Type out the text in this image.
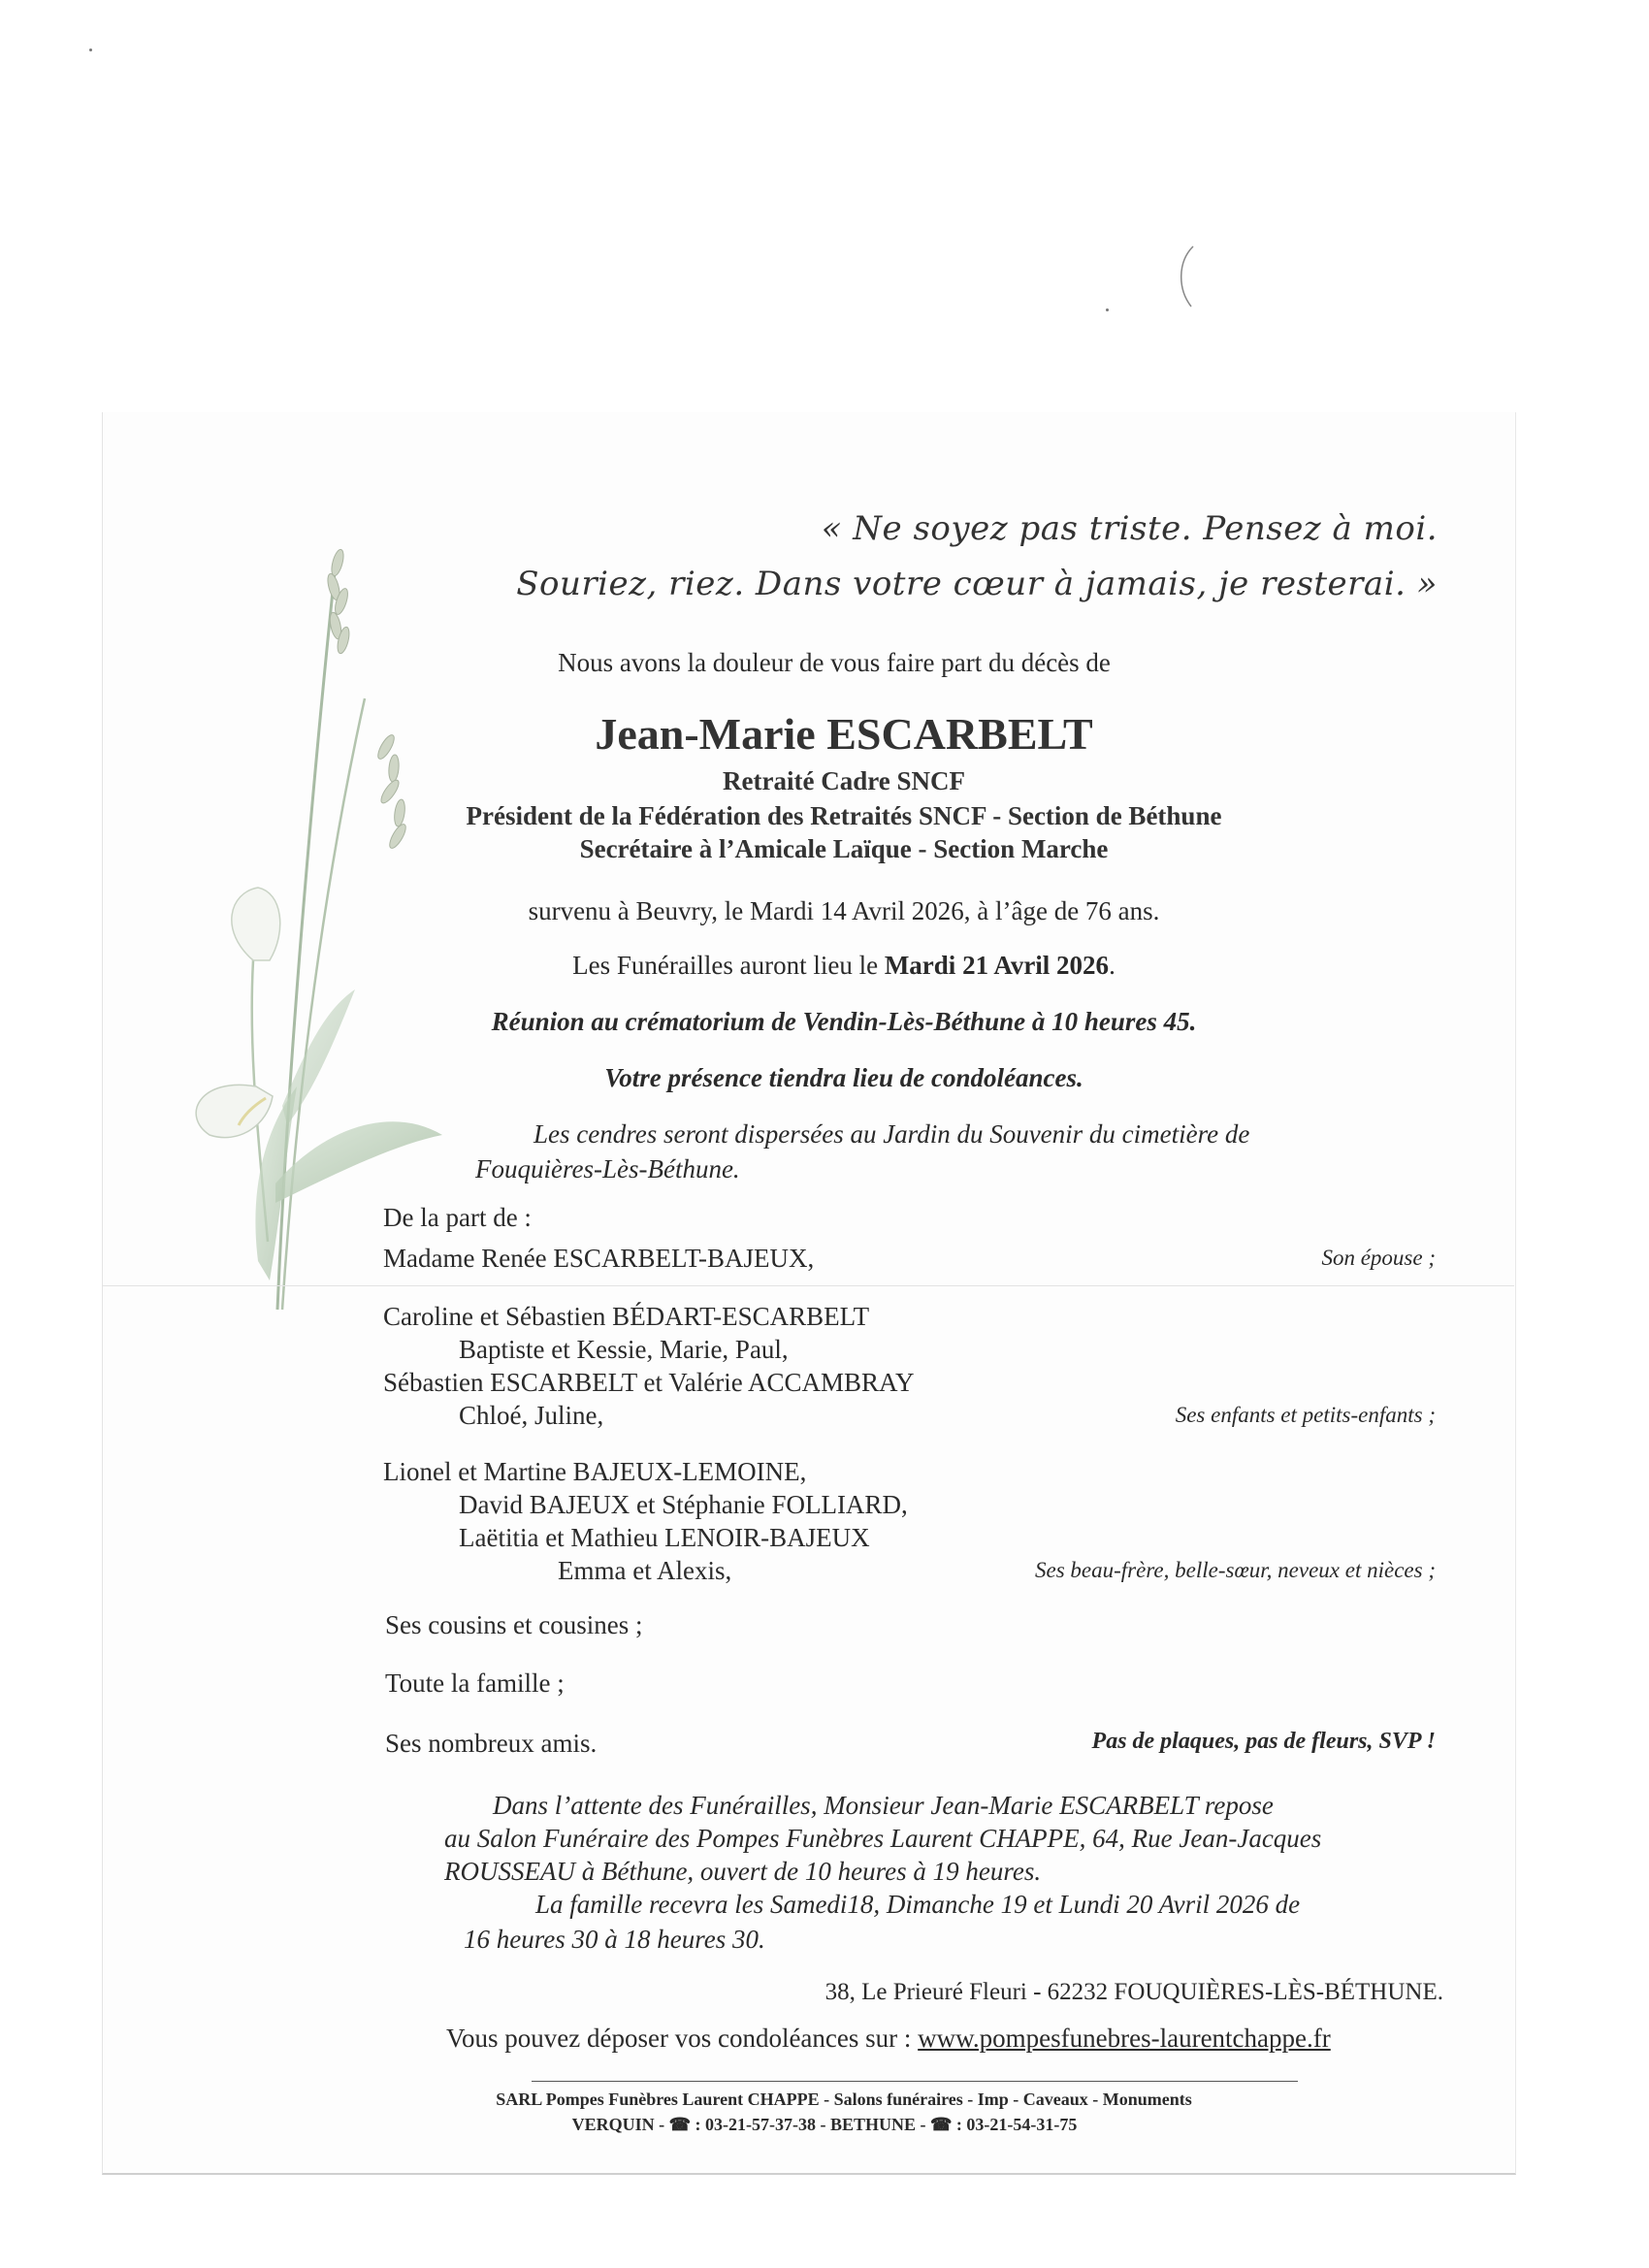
« Ne soyez pas triste. Pensez à moi.
Souriez, riez. Dans votre cœur à jamais, je resterai. »
Nous avons la douleur de vous faire part du décès de
Jean-Marie ESCARBELT
Retraité Cadre SNCF
Président de la Fédération des Retraités SNCF - Section de Béthune
Secrétaire à l’Amicale Laïque - Section Marche
survenu à Beuvry, le Mardi 14 Avril 2026, à l’âge de 76 ans.
Les Funérailles auront lieu le Mardi 21 Avril 2026.
Réunion au crématorium de Vendin-Lès-Béthune à 10 heures 45.
Votre présence tiendra lieu de condoléances.
Les cendres seront dispersées au Jardin du Souvenir du cimetière de
Fouquières-Lès-Béthune.
De la part de :
Madame Renée ESCARBELT-BAJEUX,	Son épouse ;
Caroline et Sébastien BÉDART-ESCARBELT
Baptiste et Kessie, Marie, Paul,
Sébastien ESCARBELT et Valérie ACCAMBRAY
Chloé, Juline,	Ses enfants et petits-enfants ;
Lionel et Martine BAJEUX-LEMOINE,
David BAJEUX et Stéphanie FOLLIARD,
Laëtitia et Mathieu LENOIR-BAJEUX
Emma et Alexis,	Ses beau-frère, belle-sœur, neveux et nièces ;
Ses cousins et cousines ;
Toute la famille ;
Ses nombreux amis.	Pas de plaques, pas de fleurs, SVP !
Dans l’attente des Funérailles, Monsieur Jean-Marie ESCARBELT repose
au Salon Funéraire des Pompes Funèbres Laurent CHAPPE, 64, Rue Jean-Jacques
ROUSSEAU à Béthune, ouvert de 10 heures à 19 heures.
La famille recevra les Samedi18, Dimanche 19 et Lundi 20 Avril 2026 de
16 heures 30 à 18 heures 30.
38, Le Prieuré Fleuri - 62232 FOUQUIÈRES-LÈS-BÉTHUNE.
Vous pouvez déposer vos condoléances sur : www.pompesfunebres-laurentchappe.fr
SARL Pompes Funèbres Laurent CHAPPE - Salons funéraires - Imp - Caveaux - Monuments
VERQUIN - ☎ : 03-21-57-37-38 - BETHUNE - ☎ : 03-21-54-31-75
